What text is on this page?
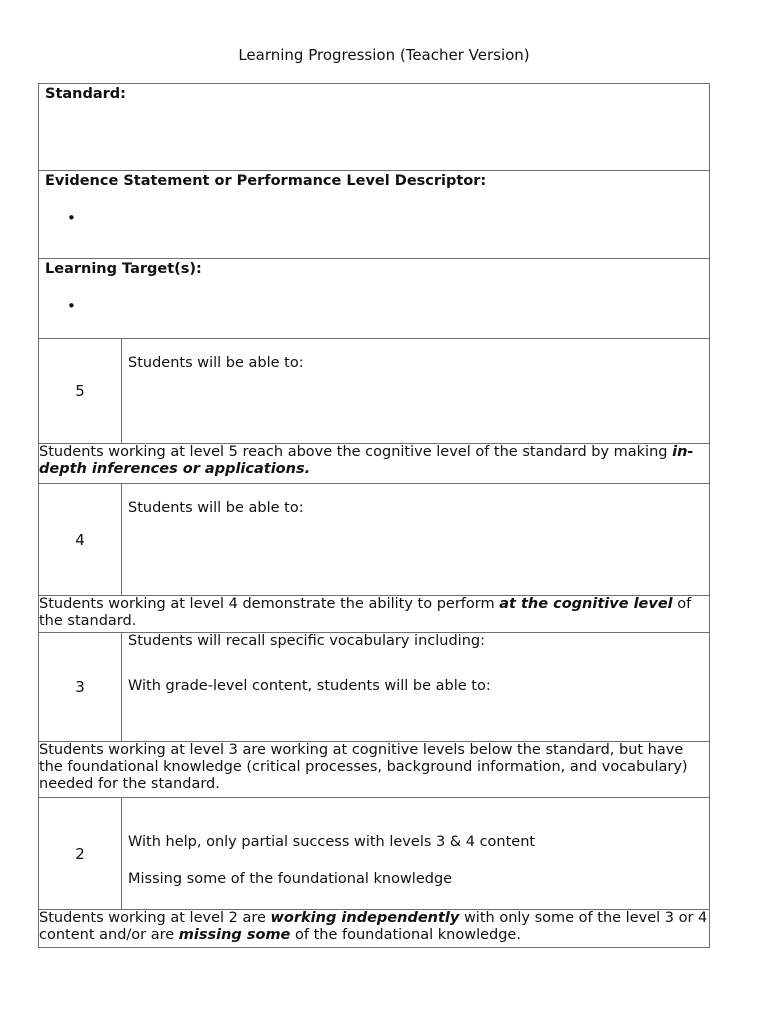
Learning Progression (Teacher Version)
Standard:	

Evidence Statement or Performance Level Descriptor:
•	

Learning Target(s):
•	

5	Students will be able to:

Students working at level 5 reach above the cognitive level of the standard by making in-depth inferences or applications.	
4	Students will be able to:

Students working at level 4 demonstrate the ability to perform at the cognitive level of the standard.	
3	Students will recall specific vocabulary including:
With grade-level content, students will be able to:

Students working at level 3 are working at cognitive levels below the standard, but have the foundational knowledge (critical processes, background information, and vocabulary) needed for the standard.	
2	With help, only partial success with levels 3 & 4 content
Missing some of the foundational knowledge

Students working at level 2 are working independently with only some of the level 3 or 4 content and/or are missing some of the foundational knowledge.	
